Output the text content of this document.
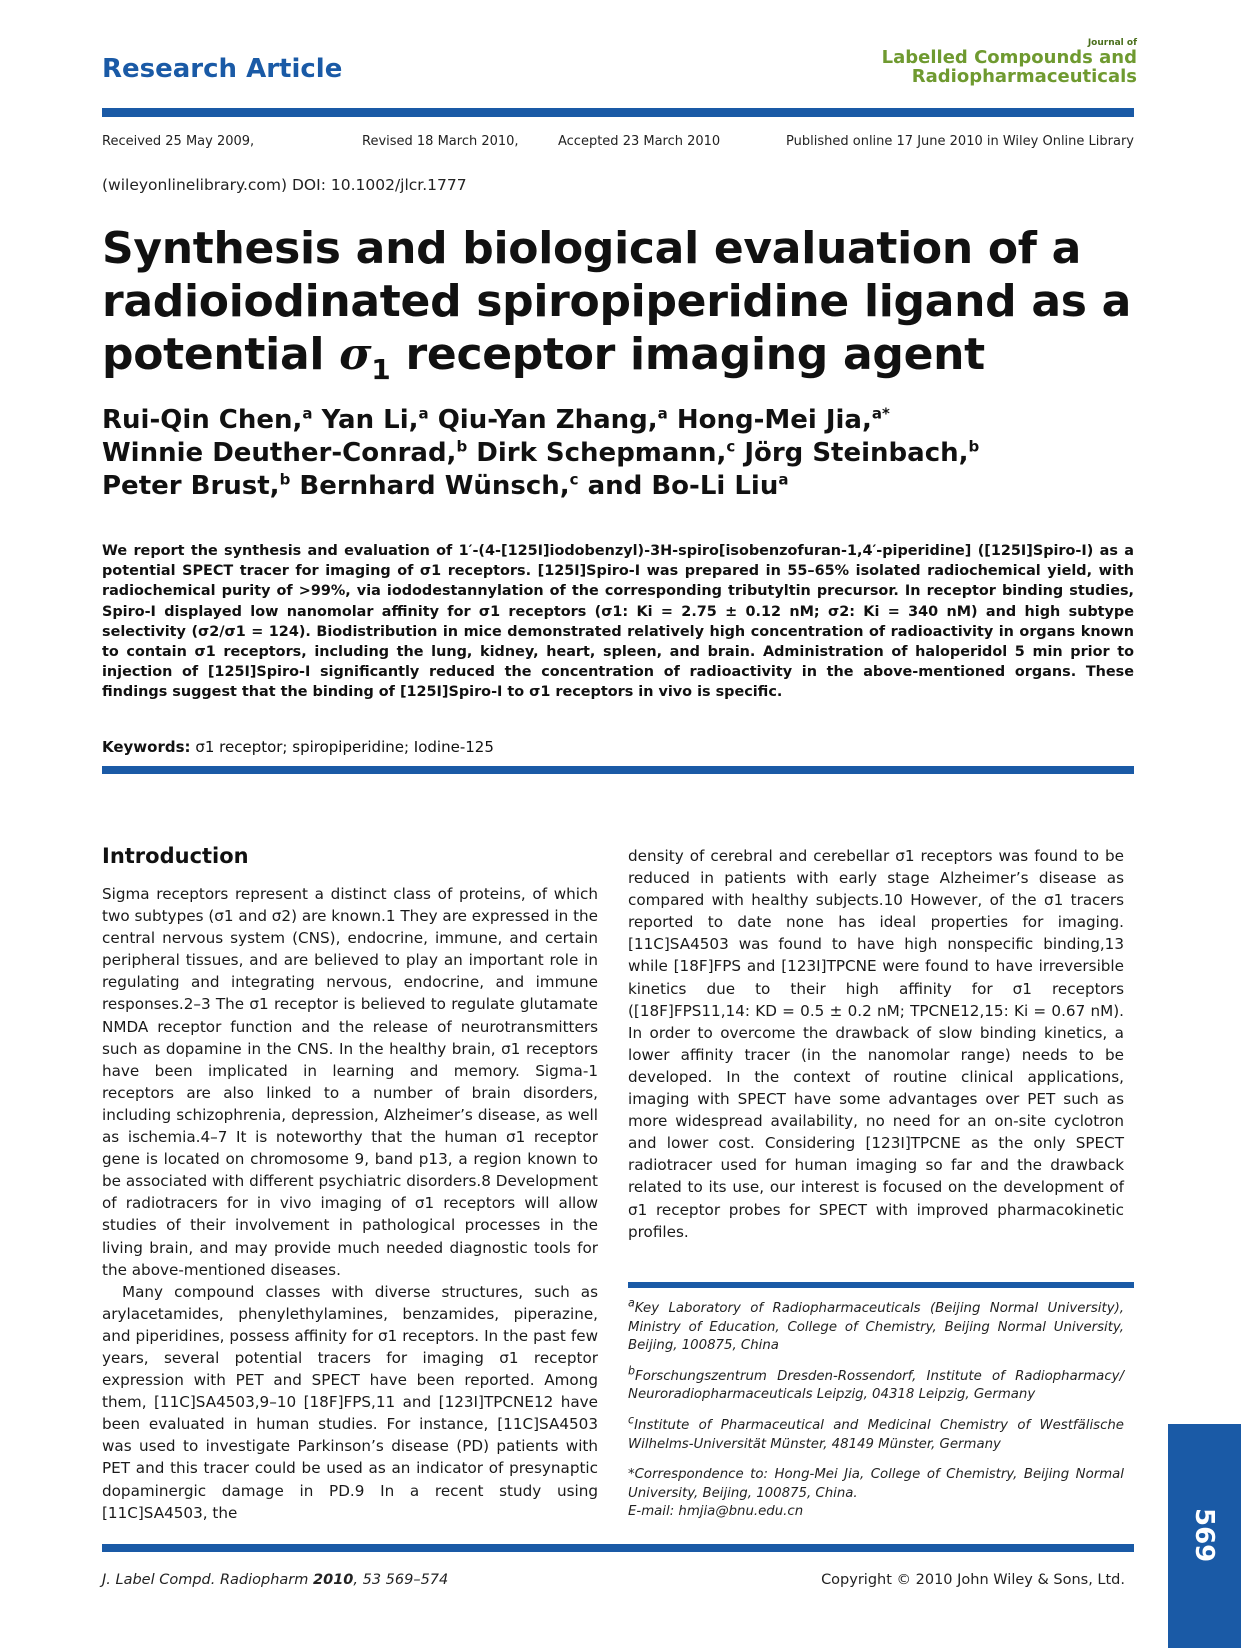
Research Article
Journal of
Labelled Compounds and
Radiopharmaceuticals
Received 25 May 2009,	Revised 18 March 2010,	Accepted 23 March 2010	Published online 17 June 2010 in Wiley Online Library
(wileyonlinelibrary.com) DOI: 10.1002/jlcr.1777
Synthesis and biological evaluation of a
radioiodinated spiropiperidine ligand as a
potential $\sigma_1$ receptor imaging agent
Rui-Qin Chen,$^a$ Yan Li,$^a$ Qiu-Yan Zhang,$^a$ Hong-Mei Jia,$^{a*}$
Winnie Deuther-Conrad,$^b$ Dirk Schepmann,$^c$ Jörg Steinbach,$^b$
Peter Brust,$^b$ Bernhard Wünsch,$^c$ and Bo-Li Liu$^a$
We report the synthesis and evaluation of 1′-(4-[125I]iodobenzyl)-3H-spiro[isobenzofuran-1,4′-piperidine] ([125I]Spiro-I) as a potential SPECT tracer for imaging of σ1 receptors. [125I]Spiro-I was prepared in 55–65% isolated radiochemical yield, with radiochemical purity of >99%, via iododestannylation of the corresponding tributyltin precursor. In receptor binding studies, Spiro-I displayed low nanomolar affinity for σ1 receptors (σ1: Ki = 2.75 ± 0.12 nM; σ2: Ki = 340 nM) and high subtype selectivity (σ2/σ1 = 124). Biodistribution in mice demonstrated relatively high concentration of radioactivity in organs known to contain σ1 receptors, including the lung, kidney, heart, spleen, and brain. Administration of haloperidol 5 min prior to injection of [125I]Spiro-I significantly reduced the concentration of radioactivity in the above-mentioned organs. These findings suggest that the binding of [125I]Spiro-I to σ1 receptors in vivo is specific.
Keywords: σ1 receptor; spiropiperidine; Iodine-125
Introduction

Sigma receptors represent a distinct class of proteins, of which two subtypes (σ1 and σ2) are known.1 They are expressed in the central nervous system (CNS), endocrine, immune, and certain peripheral tissues, and are believed to play an important role in regulating and integrating nervous, endocrine, and immune responses.2–3 The σ1 receptor is believed to regulate glutamate NMDA receptor function and the release of neurotransmitters such as dopamine in the CNS. In the healthy brain, σ1 receptors have been implicated in learning and memory. Sigma-1 receptors are also linked to a number of brain disorders, including schizophrenia, depression, Alzheimer’s disease, as well as ischemia.4–7 It is noteworthy that the human σ1 receptor gene is located on chromosome 9, band p13, a region known to be associated with different psychiatric disorders.8 Development of radiotracers for in vivo imaging of σ1 receptors will allow studies of their involvement in pathological processes in the living brain, and may provide much needed diagnostic tools for the above-mentioned diseases.

Many compound classes with diverse structures, such as arylacetamides, phenylethylamines, benzamides, piperazine, and piperidines, possess affinity for σ1 receptors. In the past few years, several potential tracers for imaging σ1 receptor expression with PET and SPECT have been reported. Among them, [11C]SA4503,9–10 [18F]FPS,11 and [123I]TPCNE12 have been evaluated in human studies. For instance, [11C]SA4503 was used to investigate Parkinson’s disease (PD) patients with PET and this tracer could be used as an indicator of presynaptic dopaminergic damage in PD.9 In a recent study using [11C]SA4503, the

density of cerebral and cerebellar σ1 receptors was found to be reduced in patients with early stage Alzheimer’s disease as compared with healthy subjects.10 However, of the σ1 tracers reported to date none has ideal properties for imaging. [11C]SA4503 was found to have high nonspecific binding,13 while [18F]FPS and [123I]TPCNE were found to have irreversible kinetics due to their high affinity for σ1 receptors ([18F]FPS11,14: KD = 0.5 ± 0.2 nM; TPCNE12,15: Ki = 0.67 nM). In order to overcome the drawback of slow binding kinetics, a lower affinity tracer (in the nanomolar range) needs to be developed. In the context of routine clinical applications, imaging with SPECT have some advantages over PET such as more widespread availability, no need for an on-site cyclotron and lower cost. Considering [123I]TPCNE as the only SPECT radiotracer used for human imaging so far and the drawback related to its use, our interest is focused on the development of σ1 receptor probes for SPECT with improved pharmacokinetic profiles.

$^a$Key Laboratory of Radiopharmaceuticals (Beijing Normal University), Ministry of Education, College of Chemistry, Beijing Normal University, Beijing, 100875, China

$^b$Forschungszentrum Dresden-Rossendorf, Institute of Radiopharmacy/ Neuroradiopharmaceuticals Leipzig, 04318 Leipzig, Germany

$^c$Institute of Pharmaceutical and Medicinal Chemistry of Westfälische Wilhelms-Universität Münster, 48149 Münster, Germany

*Correspondence to: Hong-Mei Jia, College of Chemistry, Beijing Normal University, Beijing, 100875, China.
E-mail: hmjia@bnu.edu.cn

J. Label Compd. Radiopharm 2010, 53 569–574	Copyright © 2010 John Wiley & Sons, Ltd.
569
